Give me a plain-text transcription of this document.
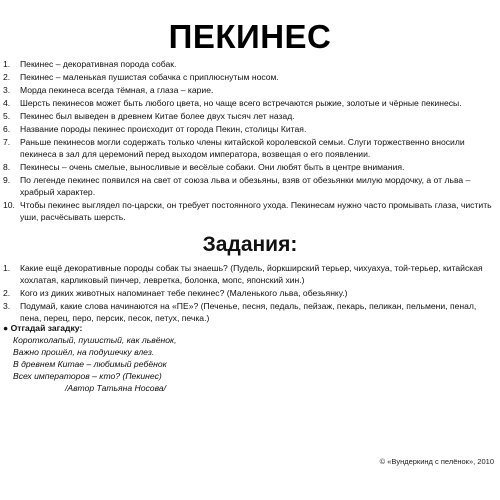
ПЕКИНЕС
1.	Пекинес – декоративная порода собак.
2.	Пекинес – маленькая пушистая собачка с приплюснутым носом.
3.	Морда пекинеса всегда тёмная, а глаза – карие.
4.	Шерсть пекинесов может быть любого цвета, но чаще всего встречаются рыжие, золотые и чёрные пекинесы.
5.	Пекинес был выведен в древнем Китае более двух тысяч лет назад.
6.	Название породы пекинес происходит от города Пекин, столицы Китая.
7.	Раньше пекинесов могли содержать только члены китайской королевской семьи. Слуги торжественно вносили пекинеса в зал для церемоний перед выходом императора, возвещая о его появлении.
8.	Пекинесы – очень смелые, выносливые и весёлые собаки. Они любят быть в центре внимания.
9.	По легенде пекинес появился на свет от союза льва и обезьяны, взяв от обезьянки милую мордочку, а от льва – храбрый характер.
10. Чтобы пекинес выглядел по-царски, он требует постоянного ухода. Пекинесам нужно часто промывать глаза, чистить уши, расчёсывать шерсть.
Задания:
1.	Какие ещё декоративные породы собак ты знаешь? (Пудель, йоркширский терьер, чихуахуа, той-терьер, китайская хохлатая, карликовый пинчер, левретка, болонка, мопс, японский хин.)
2.	Кого из диких животных напоминает тебе пекинес? (Маленького льва, обезьянку.)
3.	Подумай, какие слова начинаются на «ПЕ»? (Печенье, песня, педаль, пейзаж, пекарь, пеликан, пельмени, пенал, пена, перец, перо, персик, песок, петух, печка.)
● Отгадай загадку:
Коротколапый, пушистый, как львёнок,
Важно прошёл, на подушечку влез.
В древнем Китае – любимый ребёнок
Всех императоров – кто? (Пекинес)
/Автор Татьяна Носова/
© «Вундеркинд с пелёнок», 2010
